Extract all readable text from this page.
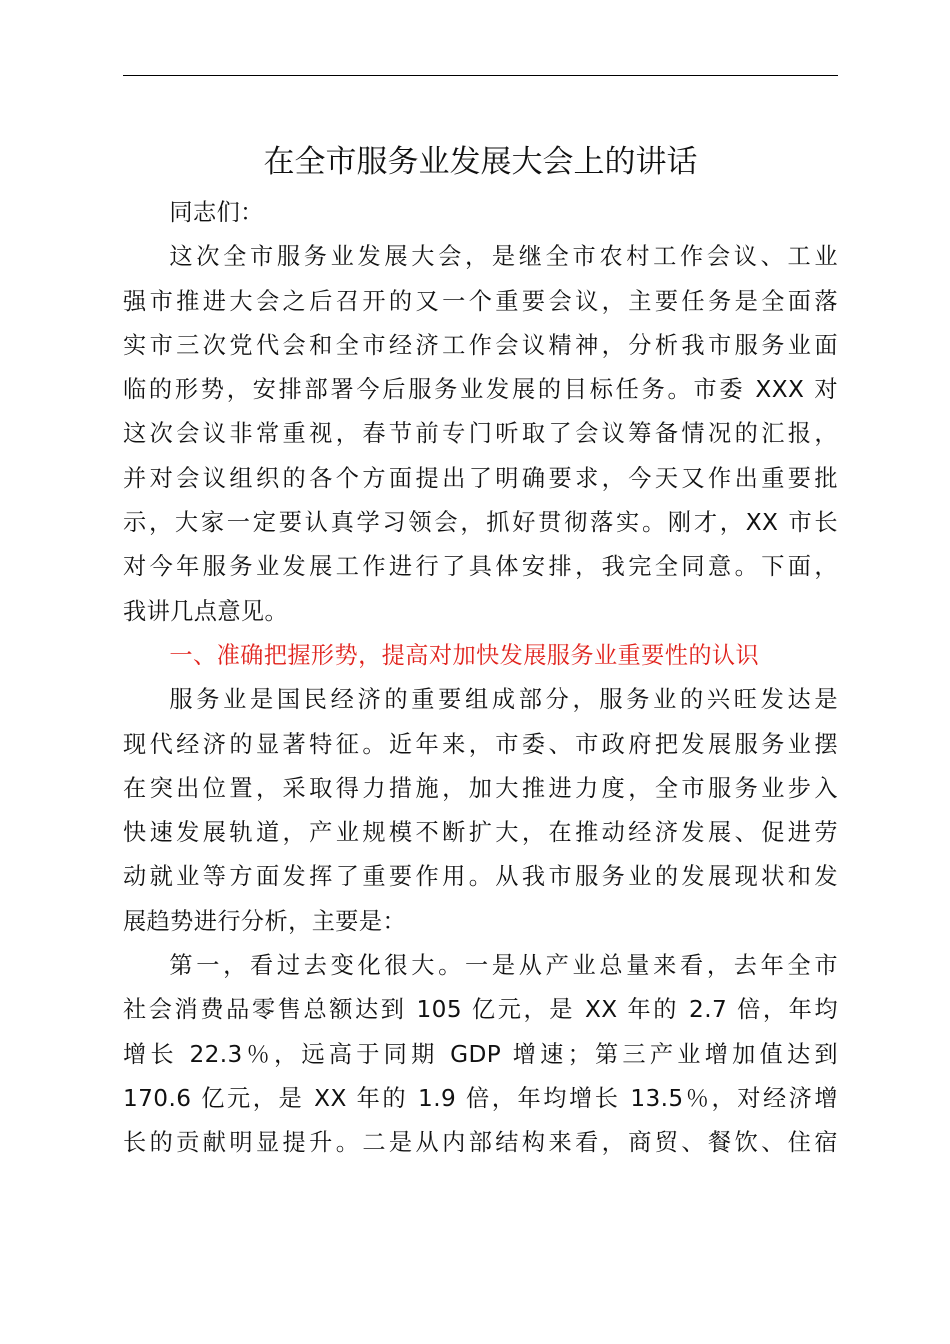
在全市服务业发展大会上的讲话

同志们：

这次全市服务业发展大会，是继全市农村工作会议、工业
强市推进大会之后召开的又一个重要会议，主要任务是全面落
实市三次党代会和全市经济工作会议精神，分析我市服务业面
临的形势，安排部署今后服务业发展的目标任务。市委 XXX 对
这次会议非常重视，春节前专门听取了会议筹备情况的汇报，
并对会议组织的各个方面提出了明确要求，今天又作出重要批
示，大家一定要认真学习领会，抓好贯彻落实。刚才，XX 市长
对今年服务业发展工作进行了具体安排，我完全同意。下面，
我讲几点意见。

一、准确把握形势，提高对加快发展服务业重要性的认识

服务业是国民经济的重要组成部分，服务业的兴旺发达是
现代经济的显著特征。近年来，市委、市政府把发展服务业摆
在突出位置，采取得力措施，加大推进力度，全市服务业步入
快速发展轨道，产业规模不断扩大，在推动经济发展、促进劳
动就业等方面发挥了重要作用。从我市服务业的发展现状和发
展趋势进行分析，主要是：
第一，看过去变化很大。一是从产业总量来看，去年全市
社会消费品零售总额达到 105 亿元，是 XX 年的 2.7 倍，年均
增长 22.3％，远高于同期 GDP 增速；第三产业增加值达到
170.6 亿元，是 XX 年的 1.9 倍，年均增长 13.5％，对经济增
长的贡献明显提升。二是从内部结构来看，商贸、餐饮、住宿
